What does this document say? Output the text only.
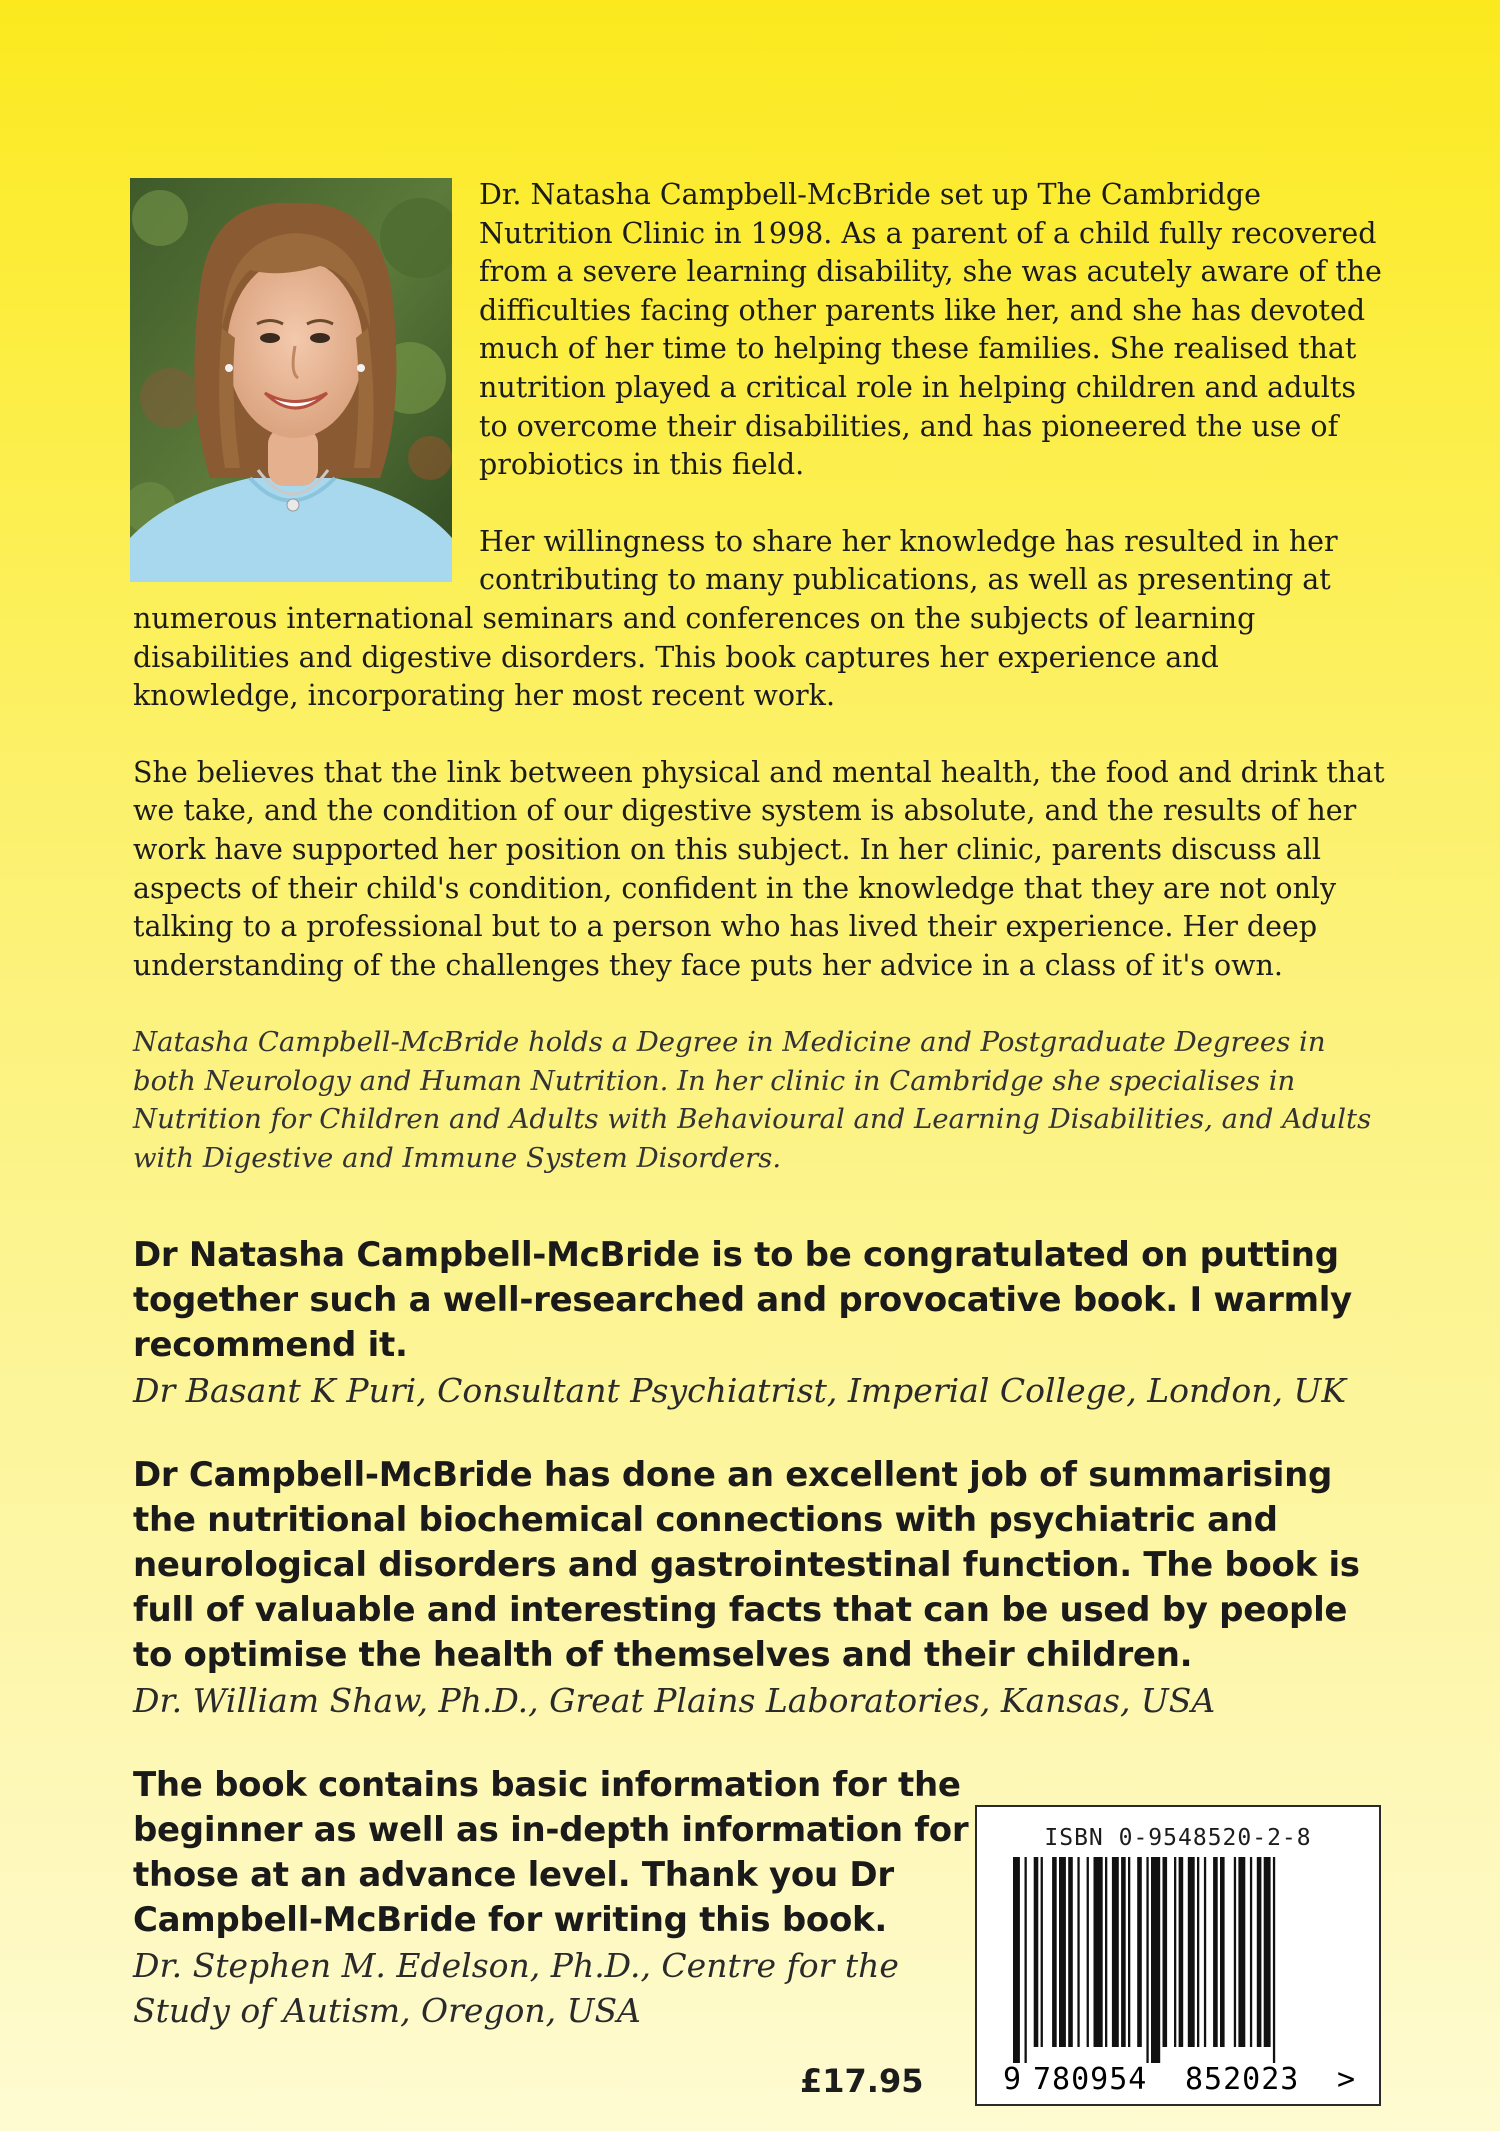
Dr. Natasha Campbell-McBride set up The Cambridge Nutrition Clinic in 1998. As a parent of a child fully recovered from a severe learning disability, she was acutely aware of the difficulties facing other parents like her, and she has devoted much of her time to helping these families. She realised that nutrition played a critical role in helping children and adults to overcome their disabilities, and has pioneered the use of probiotics in this field.

Her willingness to share her knowledge has resulted in her contributing to many publications, as well as presenting at numerous international seminars and conferences on the subjects of learning disabilities and digestive disorders. This book captures her experience and knowledge, incorporating her most recent work.

She believes that the link between physical and mental health, the food and drink that we take, and the condition of our digestive system is absolute, and the results of her work have supported her position on this subject. In her clinic, parents discuss all aspects of their child's condition, confident in the knowledge that they are not only talking to a professional but to a person who has lived their experience. Her deep understanding of the challenges they face puts her advice in a class of it's own.

Natasha Campbell-McBride holds a Degree in Medicine and Postgraduate Degrees in both Neurology and Human Nutrition. In her clinic in Cambridge she specialises in Nutrition for Children and Adults with Behavioural and Learning Disabilities, and Adults with Digestive and Immune System Disorders.

Dr Natasha Campbell-McBride is to be congratulated on putting together such a well-researched and provocative book. I warmly recommend it.
Dr Basant K Puri, Consultant Psychiatrist, Imperial College, London, UK
Dr Campbell-McBride has done an excellent job of summarising the nutritional biochemical connections with psychiatric and neurological disorders and gastrointestinal function. The book is full of valuable and interesting facts that can be used by people to optimise the health of themselves and their children.
Dr. William Shaw, Ph.D., Great Plains Laboratories, Kansas, USA
The book contains basic information for the beginner as well as in-depth information for those at an advance level. Thank you Dr Campbell-McBride for writing this book.
Dr. Stephen M. Edelson, Ph.D., Centre for the Study of Autism, Oregon, USA
£17.95
ISBN 0-9548520-2-8
9 780954 852023 >
